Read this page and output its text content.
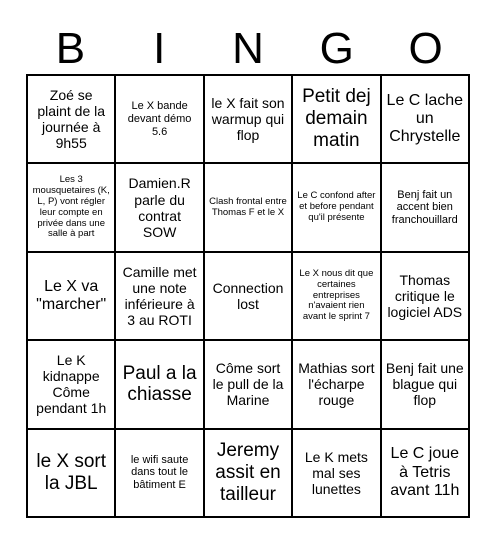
B	I	N	G	O
Zoé se plaint de la journée à 9h55
Le X bande devant démo 5.6
le X fait son warmup qui flop
Petit dej demain matin
Le C lache un Chrystelle
Les 3 mousquetaires (K, L, P) vont régler leur compte en privée dans une salle à part
Damien.R parle du contrat SOW
Clash frontal entre Thomas F et le X
Le C confond after et before pendant qu'il présente
Benj fait un accent bien franchouillard
Le X va "marcher"
Camille met une note inférieure à 3 au ROTI
Connection lost
Le X nous dit que certaines entreprises n'avaient rien avant le sprint 7
Thomas critique le logiciel ADS
Le K kidnappe Côme pendant 1h
Paul a la chiasse
Côme sort le pull de la Marine
Mathias sort l'écharpe rouge
Benj fait une blague qui flop
le X sort la JBL
le wifi saute dans tout le bâtiment E
Jeremy assit en tailleur
Le K mets mal ses lunettes
Le C joue à Tetris avant 11h
